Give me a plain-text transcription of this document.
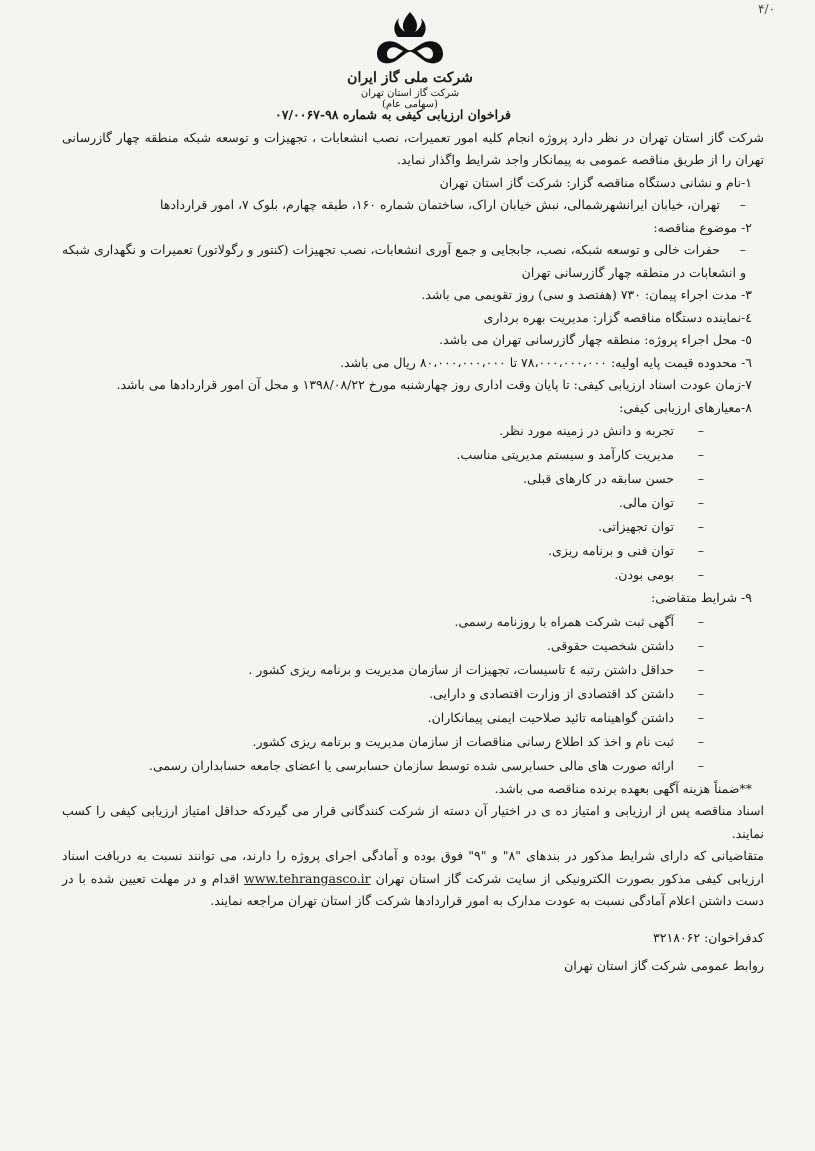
۴/۰
شرکت ملی گاز ایران
شرکت گاز استان تهران (سهامی عام)
فراخوان ارزیابی کیفی به شماره ۹۸-۰۷/۰۰۶۷
شرکت گاز استان تهران در نظر دارد پروژه انجام کلیه امور تعمیرات، نصب انشعابات ، تجهیزات و توسعه شبکه منطقه چهار گازرسانی تهران را از طریق مناقصه عمومی به پیمانکار واجد شرایط واگذار نماید.
۱-نام و نشانی دستگاه مناقصه گزار: شرکت گاز استان تهران
– تهران، خیابان ایرانشهرشمالی، نبش خیابان اراک، ساختمان شماره ۱۶۰، طبقه چهارم، بلوک ۷، امور قراردادها
۲- موضوع مناقصه:
– حفرات خالی و توسعه شبکه، نصب، جابجایی و جمع آوری انشعابات، نصب تجهیزات (کنتور و رگولاتور) تعمیرات و نگهداری شبکه و انشعابات در منطقه چهار گازرسانی تهران
۳- مدت اجراء پیمان: ۷۳۰ (هفتصد و سی) روز تقویمی می باشد.
٤-نماینده دستگاه مناقصه گزار: مدیریت بهره برداری
٥- محل اجراء پروژه: منطقه چهار گازرسانی تهران می باشد.
٦- محدوده قیمت پایه اولیه: ۷۸،۰۰۰،۰۰۰،۰۰۰ تا ۸۰،۰۰۰،۰۰۰،۰۰۰ ریال می باشد.
۷-زمان عودت اسناد ارزیابی کیفی: تا پایان وقت اداری روز چهارشنبه مورخ ۱۳۹۸/۰۸/۲۲ و محل آن امور قراردادها می باشد.
۸-معیارهای ارزیابی کیفی:
– تجربه و دانش در زمینه مورد نظر.
– مدیریت کارآمد و سیستم مدیریتی مناسب.
– حسن سابقه در کارهای قبلی.
– توان مالی.
– توان تجهیزاتی.
– توان فنی و برنامه ریزی.
– بومی بودن.
۹- شرایط متقاضی:
– آگهی ثبت شرکت همراه با روزنامه رسمی.
– داشتن شخصیت حقوقی.
– حداقل داشتن رتبه ٤ تاسیسات، تجهیزات از سازمان مدیریت و برنامه ریزی کشور .
– داشتن کد اقتصادی از وزارت اقتصادی و دارایی.
– داشتن گواهینامه تائید صلاحیت ایمنی پیمانکاران.
– ثبت نام و اخذ کد اطلاع رسانی مناقصات از سازمان مدیریت و برنامه ریزی کشور.
– ارائه صورت های مالی حسابرسی شده توسط سازمان حسابرسی یا اعضای جامعه حسابداران رسمی.
**ضمناً هزینه آگهی بعهده برنده مناقصه می باشد.
اسناد مناقصه پس از ارزیابی و امتیاز ده ی در اختیار آن دسته از شرکت کنندگانی قرار می گیردکه حداقل امتیاز ارزیابی کیفی را کسب نمایند.
متقاضیانی که دارای شرایط مذکور در بندهای "۸" و "۹" فوق بوده و آمادگی اجرای پروژه را دارند، می توانند نسبت به دریافت اسناد ارزیابی کیفی مذکور بصورت الکترونیکی از سایت شرکت گاز استان تهران www.tehrangasco.ir اقدام و در مهلت تعیین شده با در دست داشتن اعلام آمادگی نسبت به عودت مدارک به امور قراردادها شرکت گاز استان تهران مراجعه نمایند.
کدفراخوان: ۳۲۱۸۰۶۲
روابط عمومی شرکت گاز استان تهران
